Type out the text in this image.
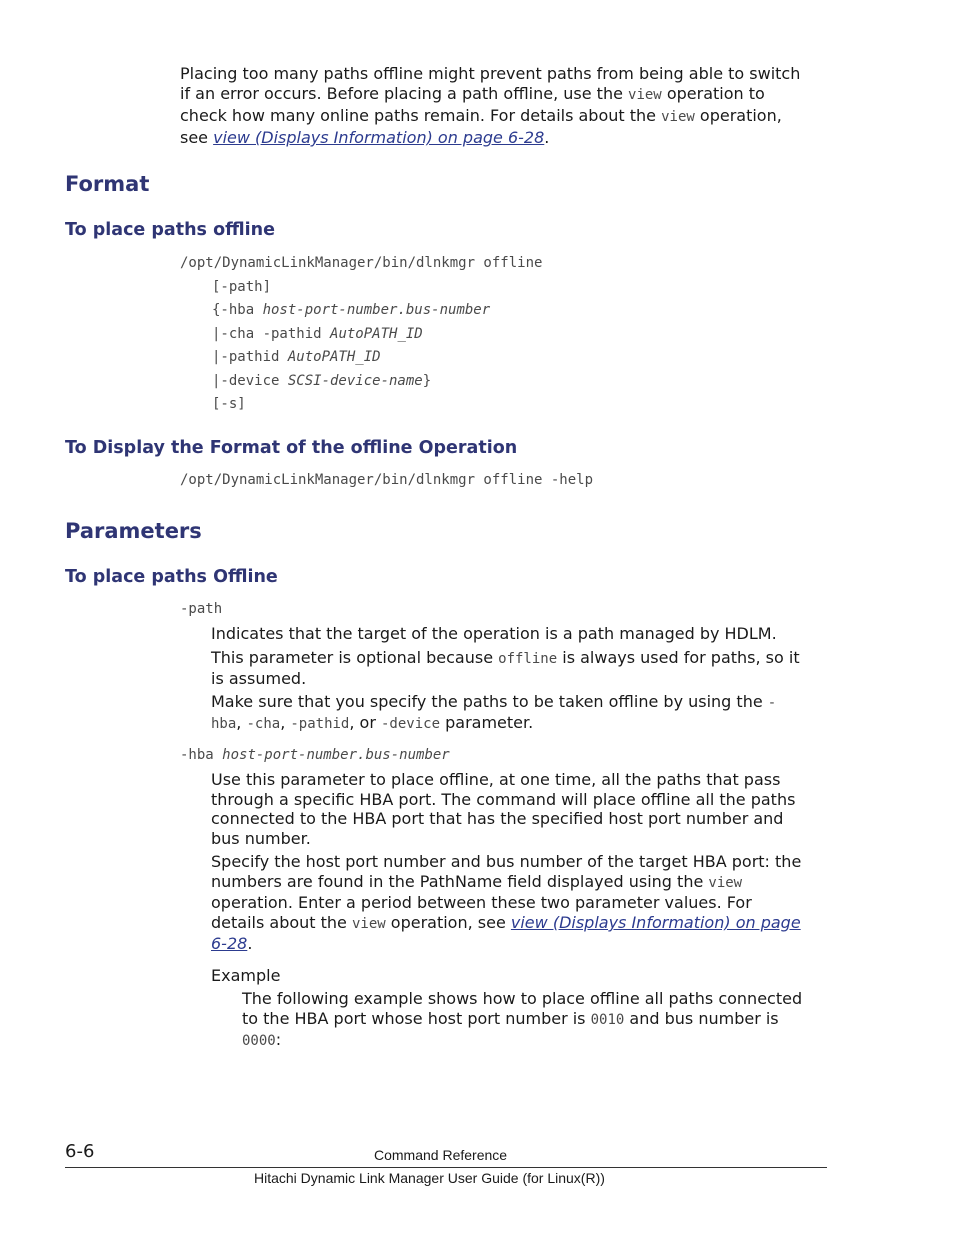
Placing too many paths offline might prevent paths from being able to switch

if an error occurs. Before placing a path offline, use the view operation to

check how many online paths remain. For details about the view operation,

see view (Displays Information) on page 6-28.

Format
To place paths offline

/opt/DynamicLinkManager/bin/dlnkmgr offline

[-path]

{-hba host-port-number.bus-number

|-cha -pathid AutoPATH_ID

|-pathid AutoPATH_ID

|-device SCSI-device-name}

[-s]

To Display the Format of the offline Operation

/opt/DynamicLinkManager/bin/dlnkmgr offline -help

Parameters
To place paths Offline

-path

Indicates that the target of the operation is a path managed by HDLM.

This parameter is optional because offline is always used for paths, so it
is assumed.

Make sure that you specify the paths to be taken offline by using the -
hba, -cha, -pathid, or -device parameter.

-hba host-port-number.bus-number

Use this parameter to place offline, at one time, all the paths that pass
through a specific HBA port. The command will place offline all the paths
connected to the HBA port that has the specified host port number and
bus number.

Specify the host port number and bus number of the target HBA port: the
numbers are found in the PathName field displayed using the view
operation. Enter a period between these two parameter values. For
details about the view operation, see view (Displays Information) on page
6-28.

Example

The following example shows how to place offline all paths connected
to the HBA port whose host port number is 0010 and bus number is
0000:

6-6	Command Reference
Hitachi Dynamic Link Manager User Guide (for Linux(R))
